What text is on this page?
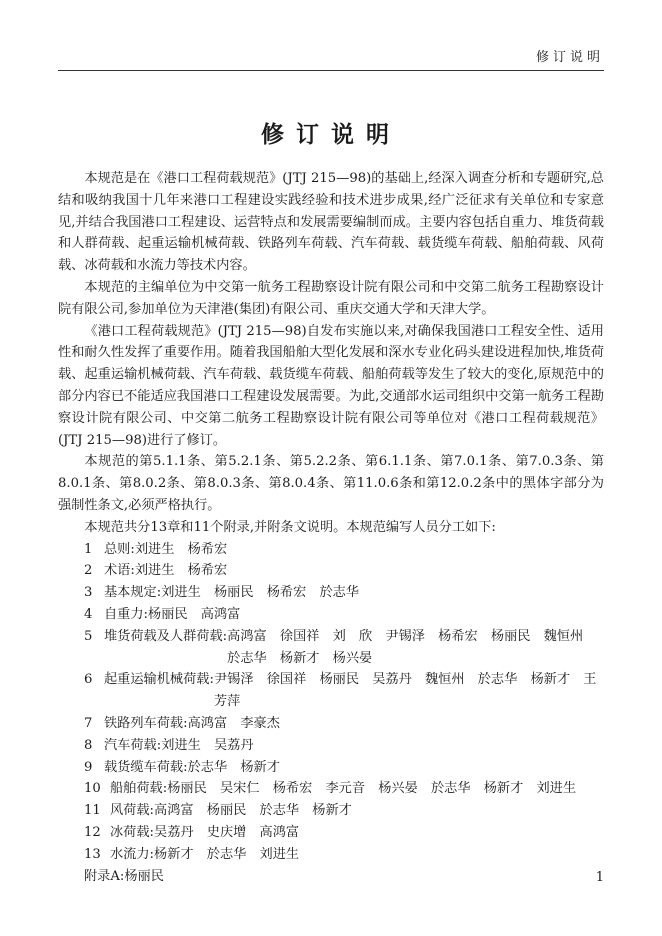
修订说明
修订说明

本规范是在《港口工程荷载规范》(JTJ 215—98)的基础上,经深入调查分析和专题研究,总结和吸纳我国十几年来港口工程建设实践经验和技术进步成果,经广泛征求有关单位和专家意见,并结合我国港口工程建设、运营特点和发展需要编制而成。主要内容包括自重力、堆货荷载和人群荷载、起重运输机械荷载、铁路列车荷载、汽车荷载、载货缆车荷载、船舶荷载、风荷载、冰荷载和水流力等技术内容。

本规范的主编单位为中交第一航务工程勘察设计院有限公司和中交第二航务工程勘察设计院有限公司,参加单位为天津港(集团)有限公司、重庆交通大学和天津大学。

《港口工程荷载规范》(JTJ 215—98)自发布实施以来,对确保我国港口工程安全性、适用性和耐久性发挥了重要作用。随着我国船舶大型化发展和深水专业化码头建设进程加快,堆货荷载、起重运输机械荷载、汽车荷载、载货缆车荷载、船舶荷载等发生了较大的变化,原规范中的部分内容已不能适应我国港口工程建设发展需要。为此,交通部水运司组织中交第一航务工程勘察设计院有限公司、中交第二航务工程勘察设计院有限公司等单位对《港口工程荷载规范》(JTJ 215—98)进行了修订。

本规范的第5.1.1条、第5.2.1条、第5.2.2条、第6.1.1条、第7.0.1条、第7.0.3条、第8.0.1条、第8.0.2条、第8.0.3条、第8.0.4条、第11.0.6条和第12.0.2条中的黑体字部分为强制性条文,必须严格执行。

本规范共分13章和11个附录,并附条文说明。本规范编写人员分工如下:

1 总则: 刘进生　杨希宏
2 术语: 刘进生　杨希宏
3 基本规定: 刘进生　杨丽民　杨希宏　於志华
4 自重力: 杨丽民　高鸿富
5 堆货荷载及人群荷载: 高鸿富　徐国祥　刘　欣　尹锡泽　杨希宏　杨丽民　魏恒州　於志华　杨新才　杨兴晏
6 起重运输机械荷载: 尹锡泽　徐国祥　杨丽民　吴荔丹　魏恒州　於志华　杨新才　王芳萍
7 铁路列车荷载: 高鸿富　李豪杰
8 汽车荷载: 刘进生　吴荔丹
9 载货缆车荷载: 於志华　杨新才
10 船舶荷载: 杨丽民　吴宋仁　杨希宏　李元音　杨兴晏　於志华　杨新才　刘进生
11 风荷载: 高鸿富　杨丽民　於志华　杨新才
12 冰荷载: 吴荔丹　史庆增　高鸿富
13 水流力: 杨新才　於志华　刘进生

附录A:杨丽民	1
